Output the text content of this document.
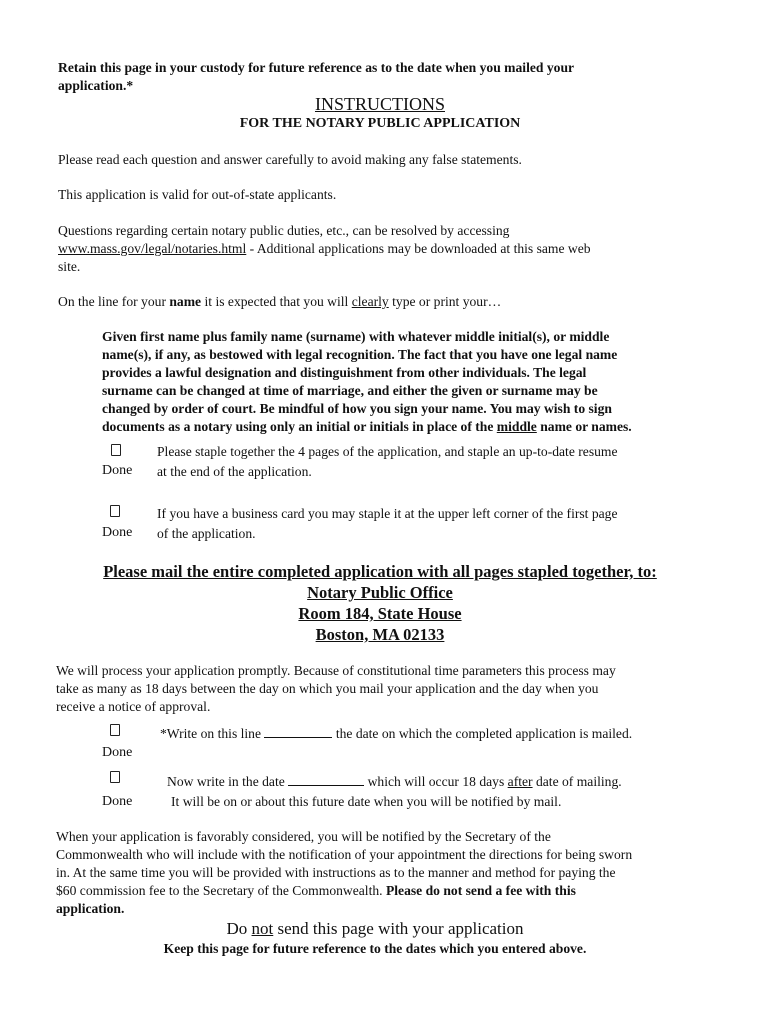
Retain this page in your custody for future reference as to the date when you mailed your
application.*
INSTRUCTIONS
FOR THE NOTARY PUBLIC APPLICATION
Please read each question and answer carefully to avoid making any false statements.
This application is valid for out-of-state applicants.
Questions regarding certain notary public duties, etc., can be resolved by accessing
www.mass.gov/legal/notaries.html - Additional applications may be downloaded at this same web
site.
On the line for your name it is expected that you will clearly type or print your…
Given first name plus family name (surname) with whatever middle initial(s), or middle
name(s), if any, as bestowed with legal recognition. The fact that you have one legal name
provides a lawful designation and distinguishment from other individuals. The legal
surname can be changed at time of marriage, and either the given or surname may be
changed by order of court. Be mindful of how you sign your name. You may wish to sign
documents as a notary using only an initial or initials in place of the middle name or names.
Done
Please staple together the 4 pages of the application, and staple an up-to-date resume
at the end of the application.
Done
If you have a business card you may staple it at the upper left corner of the first page
of the application.
Please mail the entire completed application with all pages stapled together, to:
Notary Public Office
Room 184, State House
Boston, MA 02133
We will process your application promptly. Because of constitutional time parameters this process may
take as many as 18 days between the day on which you mail your application and the day when you
receive a notice of approval.
Done
*Write on this line	the date on which the completed application is mailed.
Done
Now write in the date	which will occur 18 days after date of mailing.
It will be on or about this future date when you will be notified by mail.
When your application is favorably considered, you will be notified by the Secretary of the
Commonwealth who will include with the notification of your appointment the directions for being sworn
in. At the same time you will be provided with instructions as to the manner and method for paying the
$60 commission fee to the Secretary of the Commonwealth. Please do not send a fee with this
application.
Do not send this page with your application
Keep this page for future reference to the dates which you entered above.
